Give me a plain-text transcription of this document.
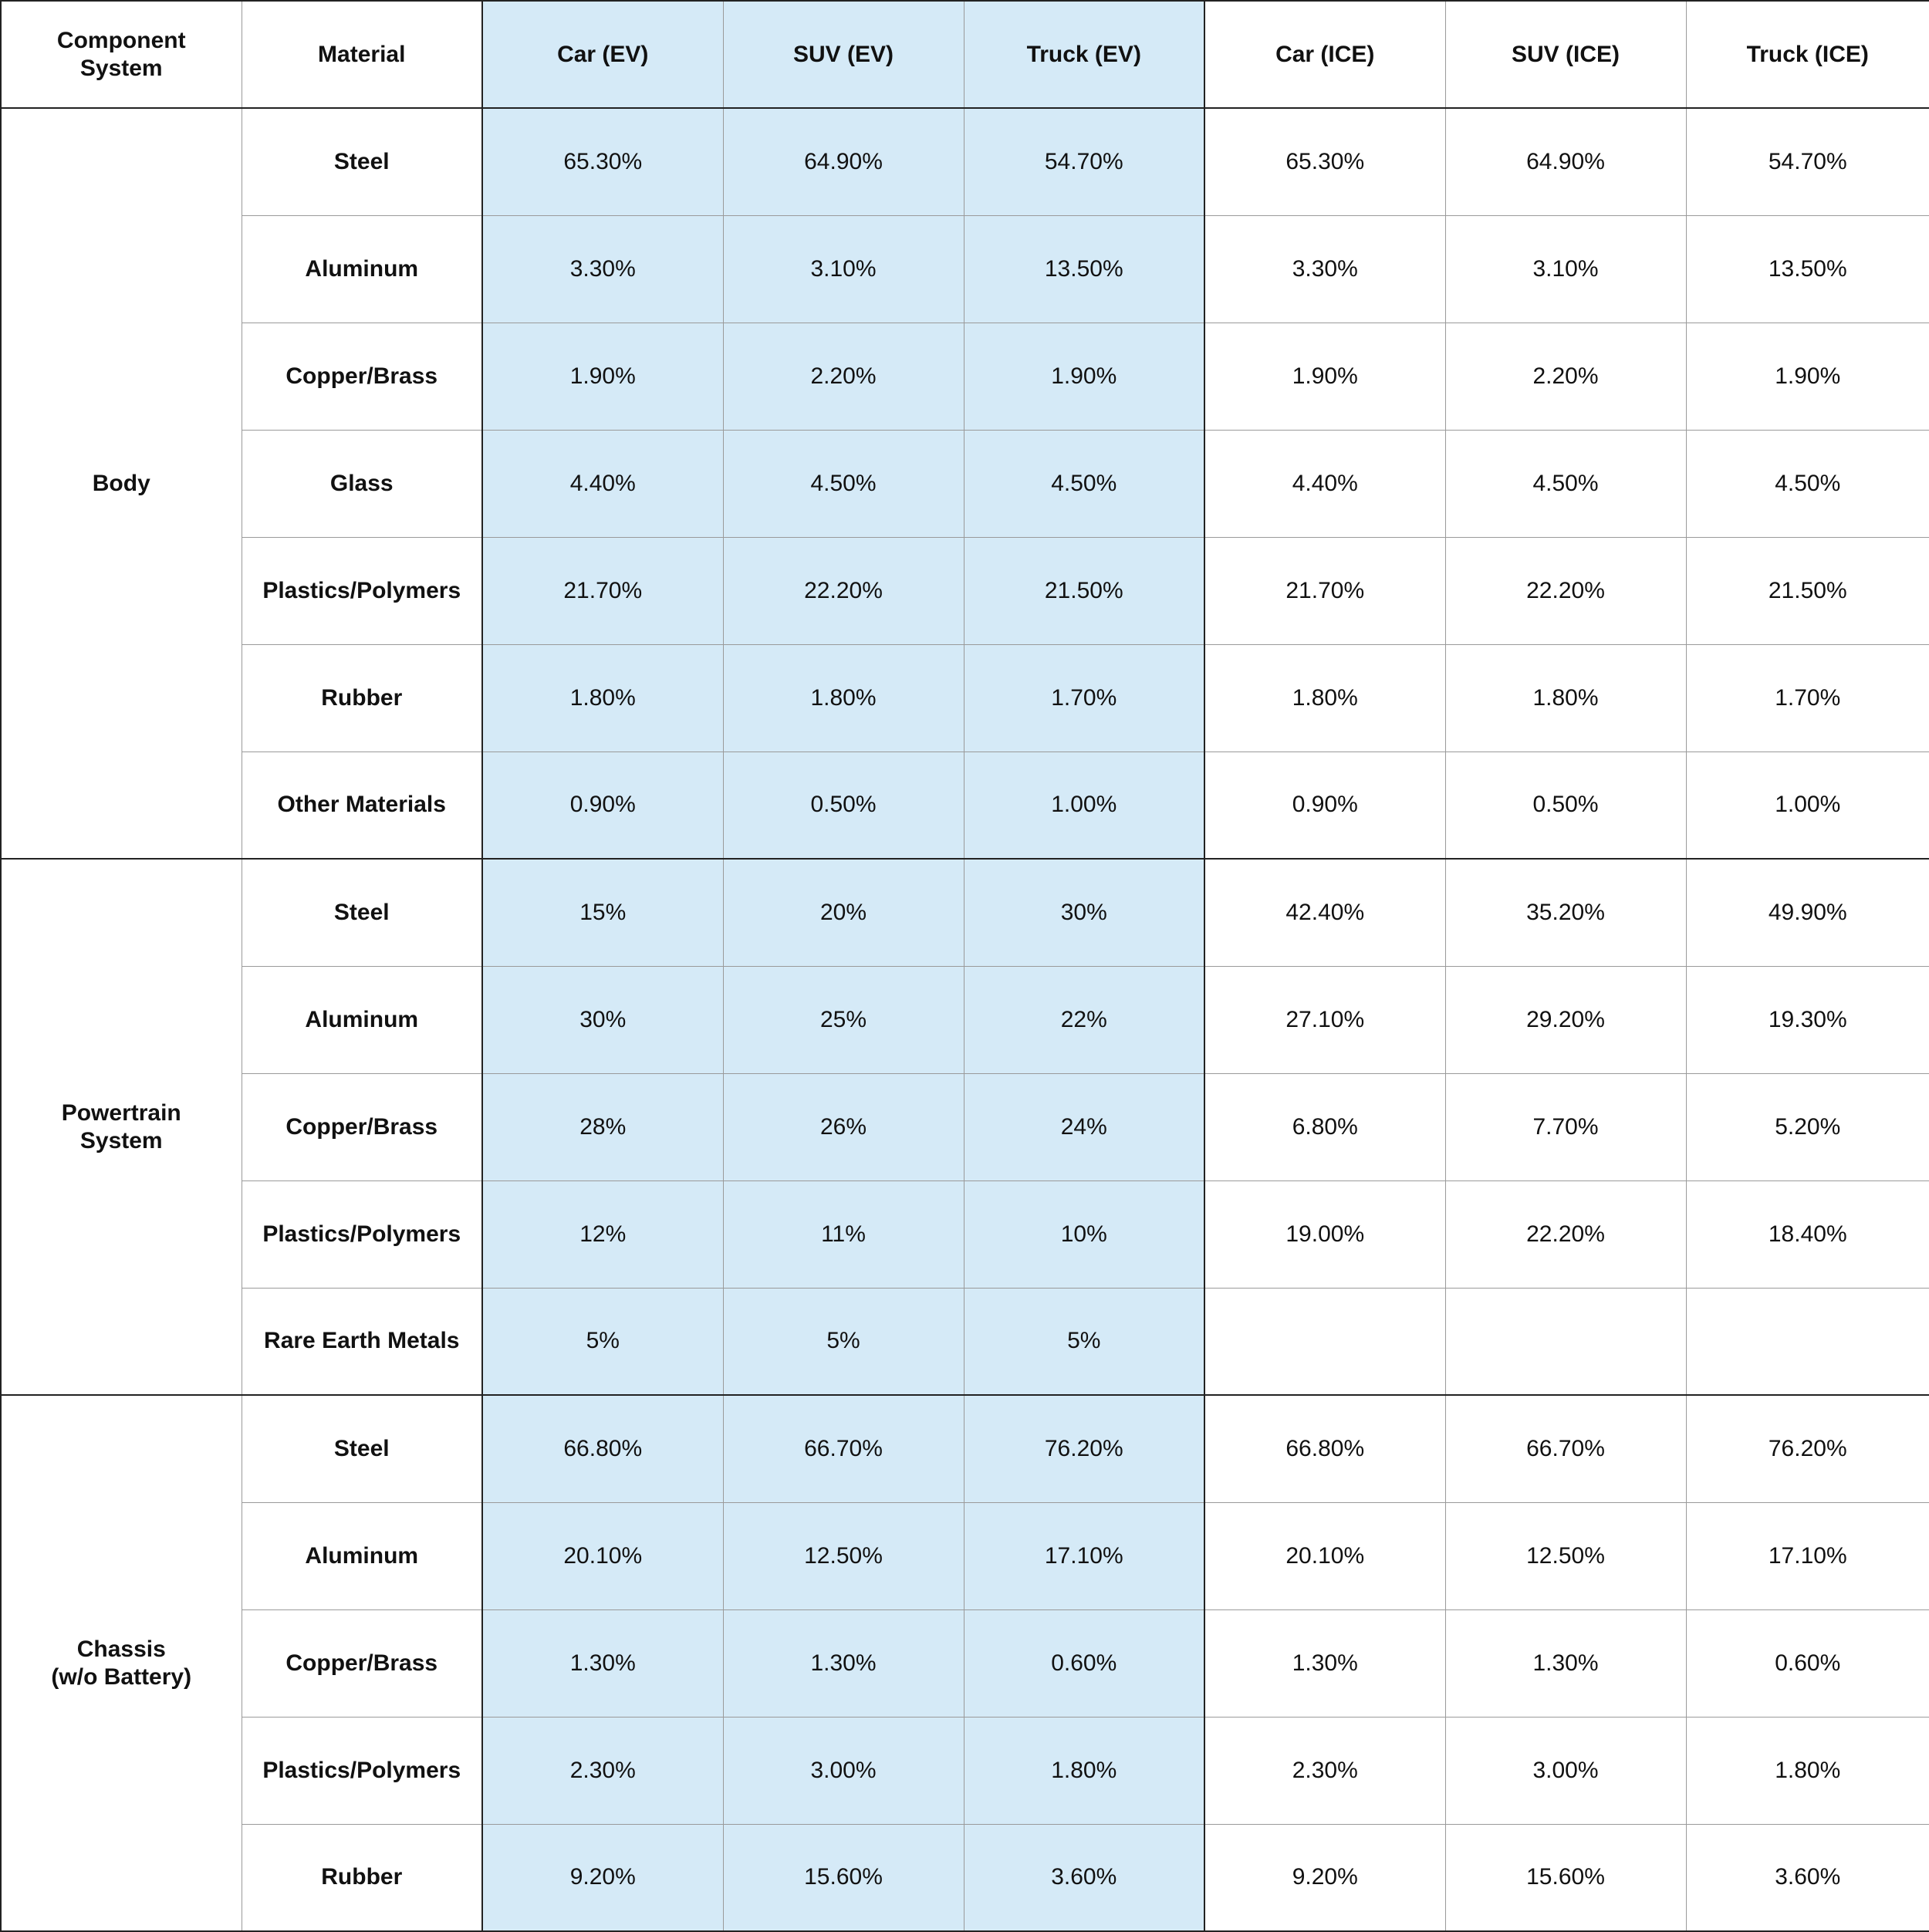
Component
System	Material	Car (EV)	SUV (EV)	Truck (EV)	Car (ICE)	SUV (ICE)	Truck (ICE)
Body	Steel	65.30%	64.90%	54.70%	65.30%	64.90%	54.70%
	Aluminum	3.30%	3.10%	13.50%	3.30%	3.10%	13.50%
	Copper/Brass	1.90%	2.20%	1.90%	1.90%	2.20%	1.90%
	Glass	4.40%	4.50%	4.50%	4.40%	4.50%	4.50%
	Plastics/Polymers	21.70%	22.20%	21.50%	21.70%	22.20%	21.50%
	Rubber	1.80%	1.80%	1.70%	1.80%	1.80%	1.70%
	Other Materials	0.90%	0.50%	1.00%	0.90%	0.50%	1.00%
Powertrain
System	Steel	15%	20%	30%	42.40%	35.20%	49.90%
	Aluminum	30%	25%	22%	27.10%	29.20%	19.30%
	Copper/Brass	28%	26%	24%	6.80%	7.70%	5.20%
	Plastics/Polymers	12%	11%	10%	19.00%	22.20%	18.40%
	Rare Earth Metals	5%	5%	5%			
Chassis
(w/o Battery)	Steel	66.80%	66.70%	76.20%	66.80%	66.70%	76.20%
	Aluminum	20.10%	12.50%	17.10%	20.10%	12.50%	17.10%
	Copper/Brass	1.30%	1.30%	0.60%	1.30%	1.30%	0.60%
	Plastics/Polymers	2.30%	3.00%	1.80%	2.30%	3.00%	1.80%
	Rubber	9.20%	15.60%	3.60%	9.20%	15.60%	3.60%
